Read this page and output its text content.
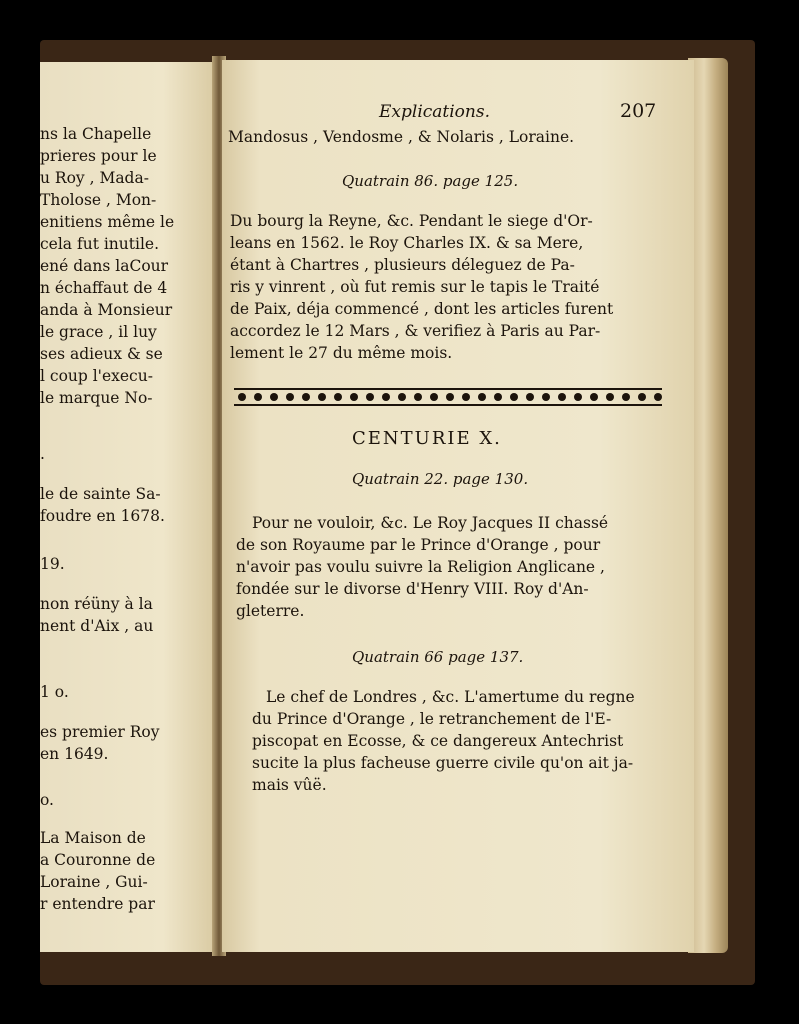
ns la Chapelle
prieres pour le
u Roy , Mada-
Tholose , Mon-
enitiens même le
cela fut inutile.
ené dans laCour
n échaffaut de 4
anda à Monsieur
le grace , il luy
ses adieux & se
l coup l'execu-
le marque No-
.
le de sainte Sa-
foudre en 1678.
19.
non réüny à la
nent d'Aix , au
1 o.
es premier Roy
en 1649.
o.
La Maison de
a Couronne de
Loraine , Gui-
r entendre par
Explications.	207
Mandosus , Vendosme , & Nolaris , Loraine.
Quatrain 86. page 125.
Du bourg la Reyne, &c. Pendant le siege d'Or-
leans en 1562. le Roy Charles IX. & sa Mere,
étant à Chartres , plusieurs déleguez de Pa-
ris y vinrent , où fut remis sur le tapis le Traité
de Paix, déja commencé , dont les articles furent
accordez le 12 Mars , & verifiez à Paris au Par-
lement le 27 du même mois.
CENTURIE X.
Quatrain 22. page 130.
Pour ne vouloir, &c. Le Roy Jacques II chassé
de son Royaume par le Prince d'Orange , pour
n'avoir pas voulu suivre la Religion Anglicane ,
fondée sur le divorse d'Henry VIII. Roy d'An-
gleterre.
Quatrain 66 page 137.
Le chef de Londres , &c. L'amertume du regne
du Prince d'Orange , le retranchement de l'E-
piscopat en Ecosse, & ce dangereux Antechrist
sucite la plus facheuse guerre civile qu'on ait ja-
mais vûë.
